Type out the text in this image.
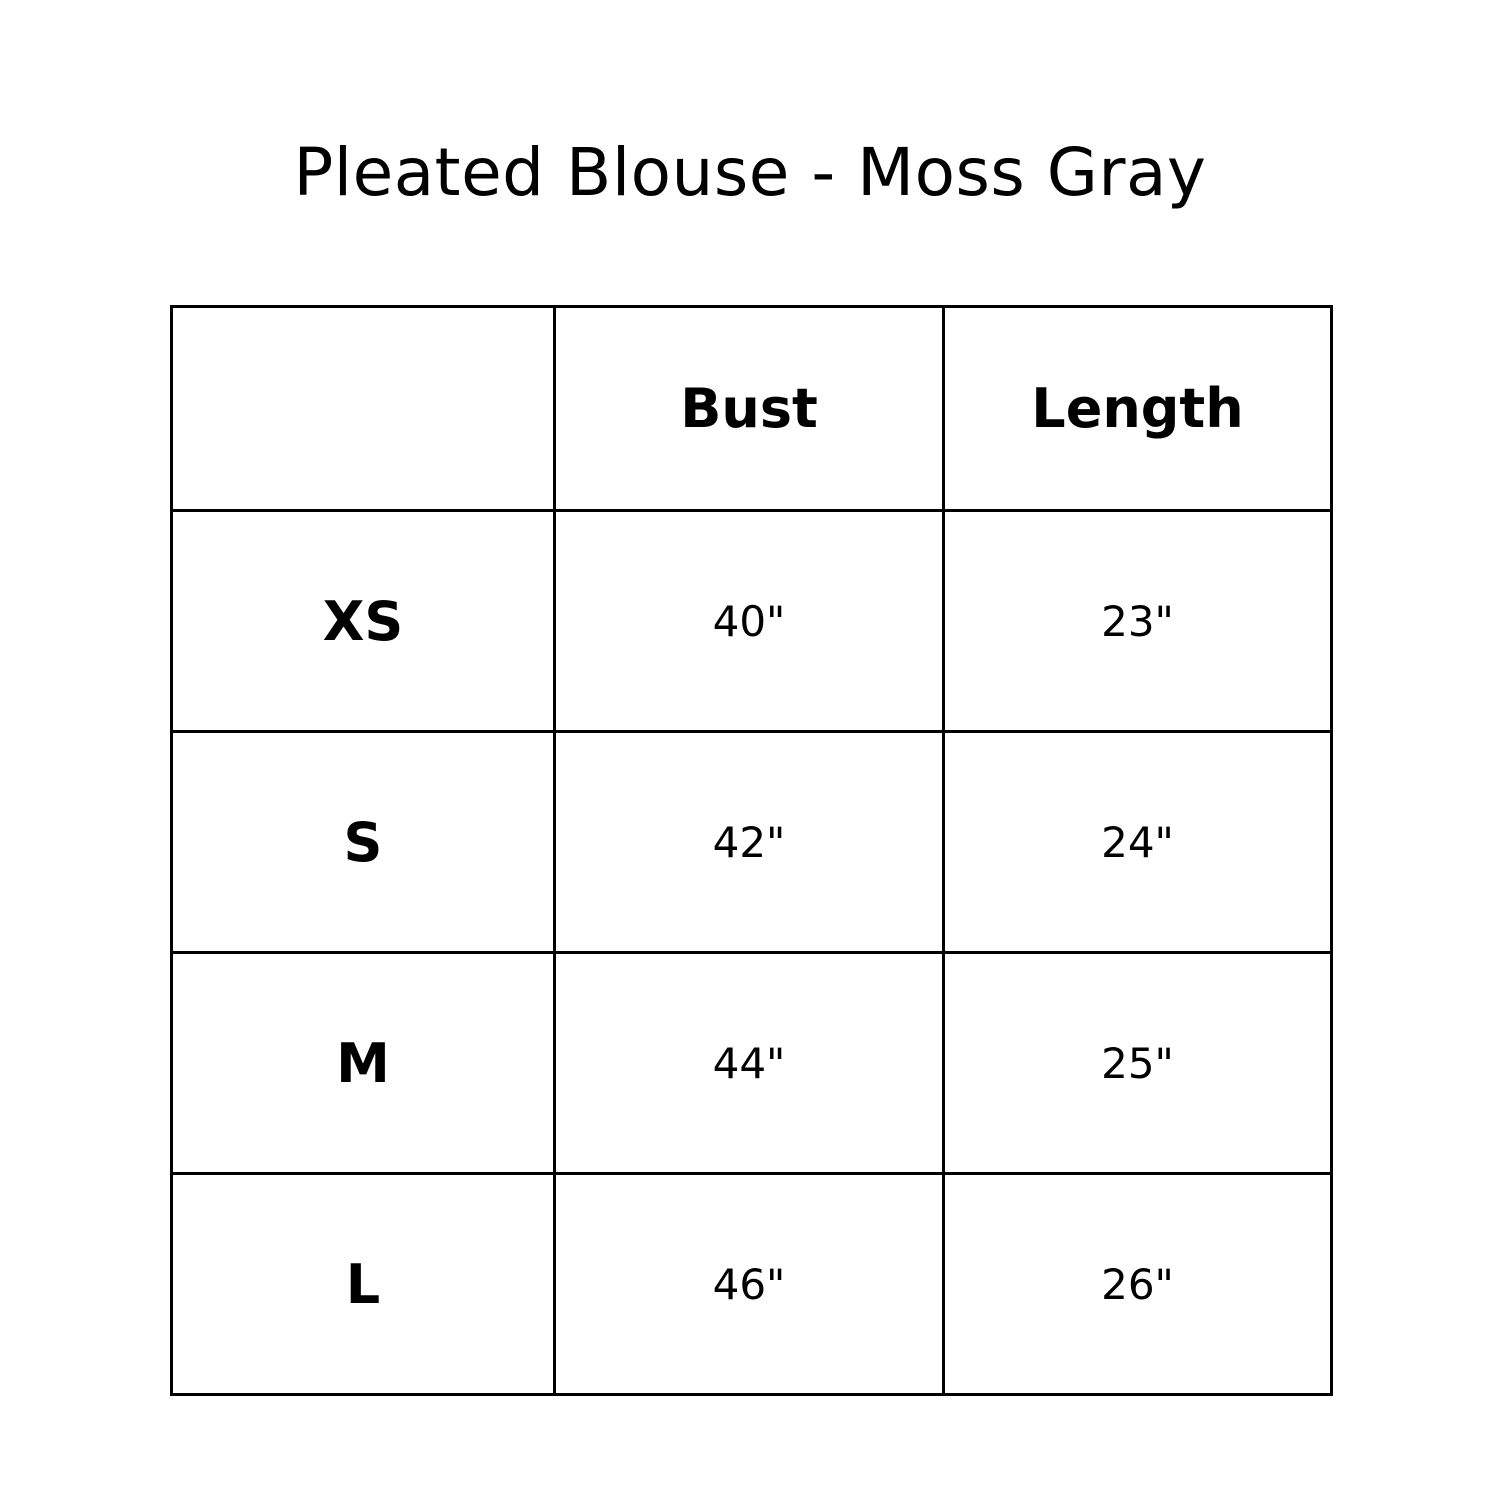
Pleated Blouse - Moss Gray
	Bust	Length
XS	40"	23"
S	42"	24"
M	44"	25"
L	46"	26"
